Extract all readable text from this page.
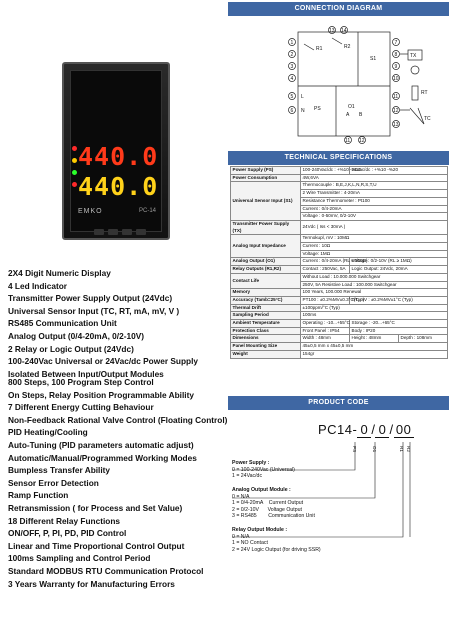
440.0
440.0
EMKO	PC-14
2X4 Digit Numeric Display
4 Led Indicator
Transmitter Power Supply Output (24Vdc)
Universal Sensor Input (TC, RT, mA, mV, V )
RS485 Communication Unit
Analog Output (0/4-20mA, 0/2-10V)
2 Relay or Logic Output (24Vdc)
100-240Vac Universal or 24Vac/dc Power Supply
Isolated Between Input/Output Modules
800 Steps, 100 Program Step Control
On Steps, Relay Position Programmable Ability
7 Different Energy Cutting Behaviour
Non-Feedback Rational Valve Control (Floating Control)
PID Heating/Cooling
Auto-Tuning (PID parameters automatic adjust)
Automatic/Manual/Programmed Working Modes
Bumpless Transfer Ability
Sensor Error Detection
Ramp Function
Retransmission ( for Process and Set Value)
18 Different Relay Functions
ON/OFF, P, PI, PD, PID Control
Linear and Time Proportional Control Output
100ms Sampling and Control Period
Standard MODBUS RTU Communication Protocol
3 Years Warranty for Manufacturing Errors
CONNECTION DIAGRAM
1
2
3
4
5
6
7
8
9
10
11
12
13
13 14
11 12
R1	R2
S1
PS	O1
TX
RT
TC
L
N
A B
TECHNICAL SPECIFICATIONS
Power Supply (PS)	100-240Vac/dc : +%10 -%15	24Vac/dc : +%10 -%20	
Power Consumption	4W,6VA		
Universal Sensor Input (S1)	Thermocouple : B,E,J,K,L,N,R,S,T,U		
	2 Wire Transmitter : 4-20mA		
	Resistance Thermometer : Pt100		
	Current : 0/4-20mA		
	Voltage : 0-50mV, 0/2-10V		
Transmitter Power Supply (TX)	24Vdc ( Iss < 30mA )		
Analog Input Impedance	Termokupl, mV : 10MΩ		
	Current : 10Ω		
	Voltage: 1MΩ		
Analog Output (O1)	Current : 0/4-20mA (RL ≤ 500Ω)	Voltage : 0/2-10V (RL ≥ 1MΩ)	
Relay Outputs (R1,R2)	Contact : 250Vac, 5A	Logic Output: 24Vdc, 20mA	
Contact Life	Without Load : 10.000.000 Switchgear		
	250V, 5A Resistive Load : 100.000 Switchgear		
Memory	100 Years, 100.000 Renewal		
Accuracy (Tamb=25°C)	PT100 : ±0.2%MV±0.3°C(Typ)	T/C,mV : ±0.2%MV±1°C (Typ)	
Thermal Drift	±100ppm/°C (Typ)		
Sampling Period	100ms		
Ambient Temperature	Operating : -10...+55°C	Storage : -20...+65°C	
Protection Class	Front Panel : IP54	Body : IP20	
Dimensions	Width : 48mm	Height : 48mm	Depth : 108mm
Panel Mounting Size	45±0,5 mm x 45±0,5 mm		
Weight	154gr		
PRODUCT CODE
PC14- 0 / 0 / 00
PS	O1	R1 R2
Power Supply :
0 = 100-240Vac (Universal)
1 = 24Vac/dc
Analog Output Module :
0 = N/A
1 = 0/4-20mA    Current Output
2 = 0/2-10V      Voltage Output
3 = RS485        Communication Unit
Relay Output Module :
0 = N/A
1 = NO Contact
2 = 24V Logic Output (for driving SSR)
